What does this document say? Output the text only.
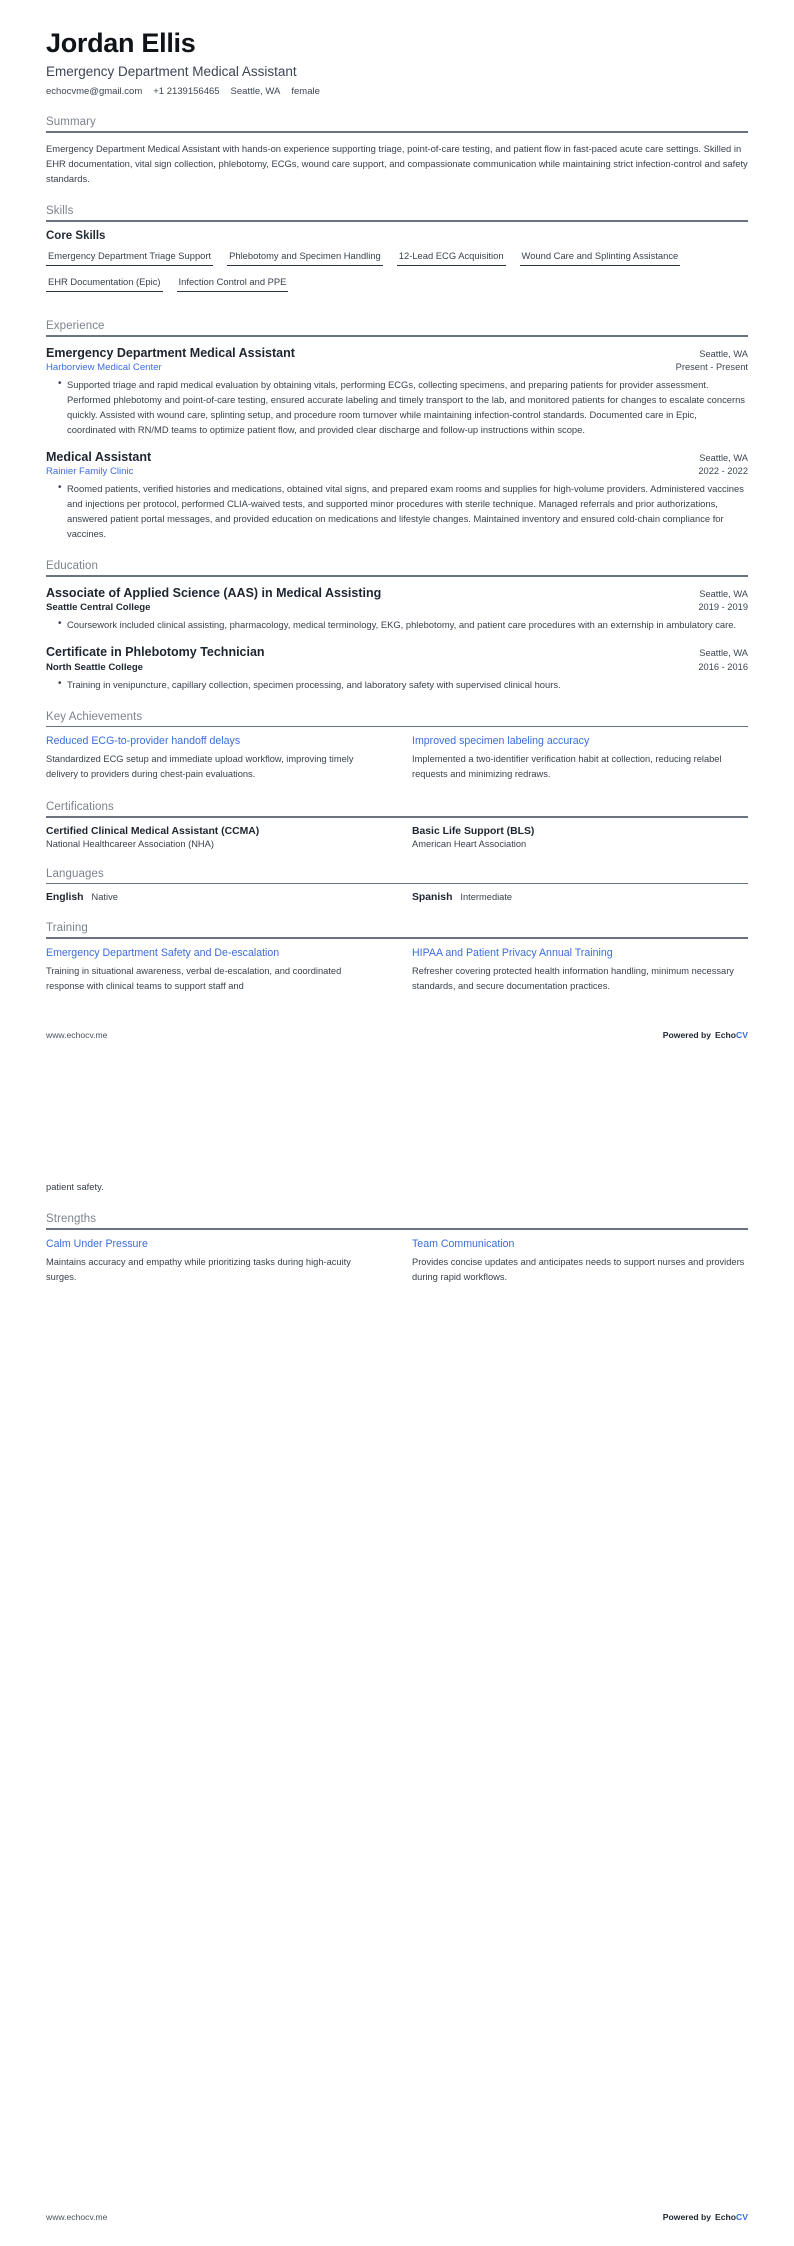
Jordan Ellis
Emergency Department Medical Assistant
echocvme@gmail.com +1 2139156465 Seattle, WA female
Summary
Emergency Department Medical Assistant with hands-on experience supporting triage, point-of-care testing, and patient flow in fast-paced acute care settings. Skilled in EHR documentation, vital sign collection, phlebotomy, ECGs, wound care support, and compassionate communication while maintaining strict infection-control and safety standards.
Skills
Core Skills
Emergency Department Triage Support Phlebotomy and Specimen Handling 12-Lead ECG Acquisition Wound Care and Splinting Assistance
EHR Documentation (Epic) Infection Control and PPE
Experience
Emergency Department Medical Assistant	Seattle, WA
Harborview Medical Center	Present - Present
• Supported triage and rapid medical evaluation by obtaining vitals, performing ECGs, collecting specimens, and preparing patients for provider assessment. Performed phlebotomy and point-of-care testing, ensured accurate labeling and timely transport to the lab, and monitored patients for changes to escalate concerns quickly. Assisted with wound care, splinting setup, and procedure room turnover while maintaining infection-control standards. Documented care in Epic, coordinated with RN/MD teams to optimize patient flow, and provided clear discharge and follow-up instructions within scope.
Medical Assistant	Seattle, WA
Rainier Family Clinic	2022 - 2022
• Roomed patients, verified histories and medications, obtained vital signs, and prepared exam rooms and supplies for high-volume providers. Administered vaccines and injections per protocol, performed CLIA-waived tests, and supported minor procedures with sterile technique. Managed referrals and prior authorizations, answered patient portal messages, and provided education on medications and lifestyle changes. Maintained inventory and ensured cold-chain compliance for vaccines.
Education
Associate of Applied Science (AAS) in Medical Assisting	Seattle, WA
Seattle Central College	2019 - 2019
• Coursework included clinical assisting, pharmacology, medical terminology, EKG, phlebotomy, and patient care procedures with an externship in ambulatory care.
Certificate in Phlebotomy Technician	Seattle, WA
North Seattle College	2016 - 2016
• Training in venipuncture, capillary collection, specimen processing, and laboratory safety with supervised clinical hours.
Key Achievements
Reduced ECG-to-provider handoff delays
Standardized ECG setup and immediate upload workflow, improving timely delivery to providers during chest-pain evaluations.
Improved specimen labeling accuracy
Implemented a two-identifier verification habit at collection, reducing relabel requests and minimizing redraws.
Certifications
Certified Clinical Medical Assistant (CCMA)
National Healthcareer Association (NHA)
Basic Life Support (BLS)
American Heart Association
Languages
English Native	Spanish Intermediate
Training
Emergency Department Safety and De-escalation
Training in situational awareness, verbal de-escalation, and coordinated response with clinical teams to support staff and
HIPAA and Patient Privacy Annual Training
Refresher covering protected health information handling, minimum necessary standards, and secure documentation practices.
www.echocv.me	Powered by EchoCV
patient safety.
Strengths
Calm Under Pressure
Maintains accuracy and empathy while prioritizing tasks during high-acuity surges.
Team Communication
Provides concise updates and anticipates needs to support nurses and providers during rapid workflows.
www.echocv.me	Powered by EchoCV
